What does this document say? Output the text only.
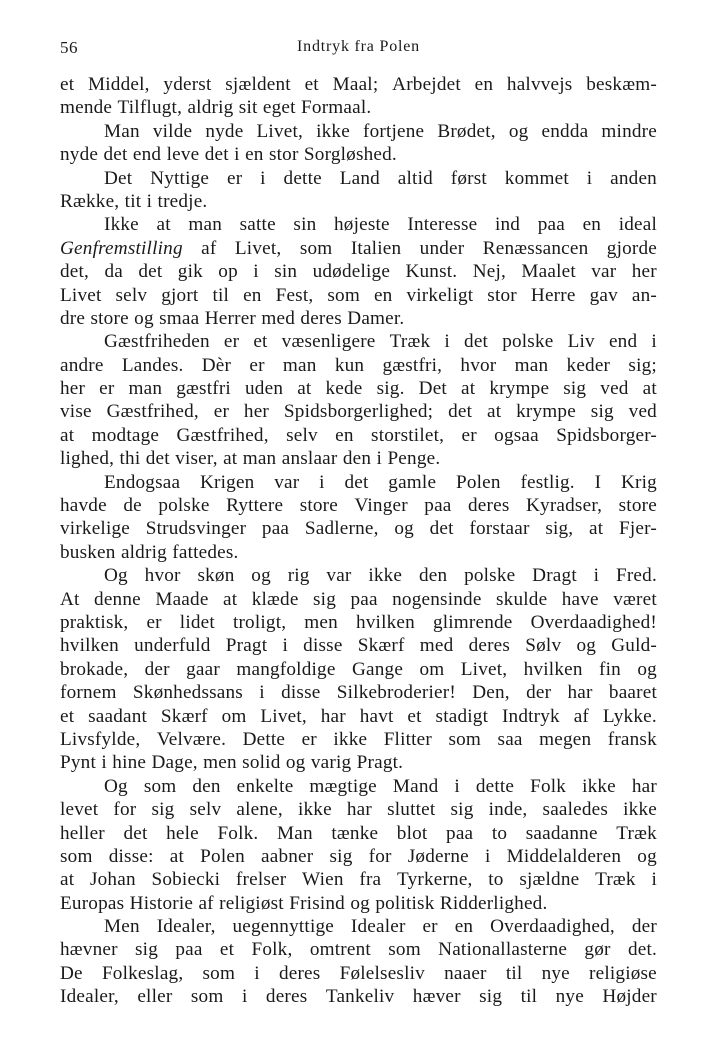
56	Indtryk fra Polen
et Middel, yderst sjældent et Maal; Arbejdet en halvvejs beskæm-
mende Tilflugt, aldrig sit eget Formaal.
Man vilde nyde Livet, ikke fortjene Brødet, og endda mindre
nyde det end leve det i en stor Sorgløshed.
Det Nyttige er i dette Land altid først kommet i anden
Række, tit i tredje.
Ikke at man satte sin højeste Interesse ind paa en ideal
Genfremstilling af Livet, som Italien under Renæssancen gjorde
det, da det gik op i sin udødelige Kunst. Nej, Maalet var her
Livet selv gjort til en Fest, som en virkeligt stor Herre gav an-
dre store og smaa Herrer med deres Damer.
Gæstfriheden er et væsenligere Træk i det polske Liv end i
andre Landes. Dèr er man kun gæstfri, hvor man keder sig;
her er man gæstfri uden at kede sig. Det at krympe sig ved at
vise Gæstfrihed, er her Spidsborgerlighed; det at krympe sig ved
at modtage Gæstfrihed, selv en storstilet, er ogsaa Spidsborger-
lighed, thi det viser, at man anslaar den i Penge.
Endogsaa Krigen var i det gamle Polen festlig. I Krig
havde de polske Ryttere store Vinger paa deres Kyradser, store
virkelige Strudsvinger paa Sadlerne, og det forstaar sig, at Fjer-
busken aldrig fattedes.
Og hvor skøn og rig var ikke den polske Dragt i Fred.
At denne Maade at klæde sig paa nogensinde skulde have været
praktisk, er lidet troligt, men hvilken glimrende Overdaadighed!
hvilken underfuld Pragt i disse Skærf med deres Sølv og Guld-
brokade, der gaar mangfoldige Gange om Livet, hvilken fin og
fornem Skønhedssans i disse Silkebroderier! Den, der har baaret
et saadant Skærf om Livet, har havt et stadigt Indtryk af Lykke.
Livsfylde, Velvære. Dette er ikke Flitter som saa megen fransk
Pynt i hine Dage, men solid og varig Pragt.
Og som den enkelte mægtige Mand i dette Folk ikke har
levet for sig selv alene, ikke har sluttet sig inde, saaledes ikke
heller det hele Folk. Man tænke blot paa to saadanne Træk
som disse: at Polen aabner sig for Jøderne i Middelalderen og
at Johan Sobiecki frelser Wien fra Tyrkerne, to sjældne Træk i
Europas Historie af religiøst Frisind og politisk Ridderlighed.
Men Idealer, uegennyttige Idealer er en Overdaadighed, der
hævner sig paa et Folk, omtrent som Nationallasterne gør det.
De Folkeslag, som i deres Følelsesliv naaer til nye religiøse
Idealer, eller som i deres Tankeliv hæver sig til nye Højder
